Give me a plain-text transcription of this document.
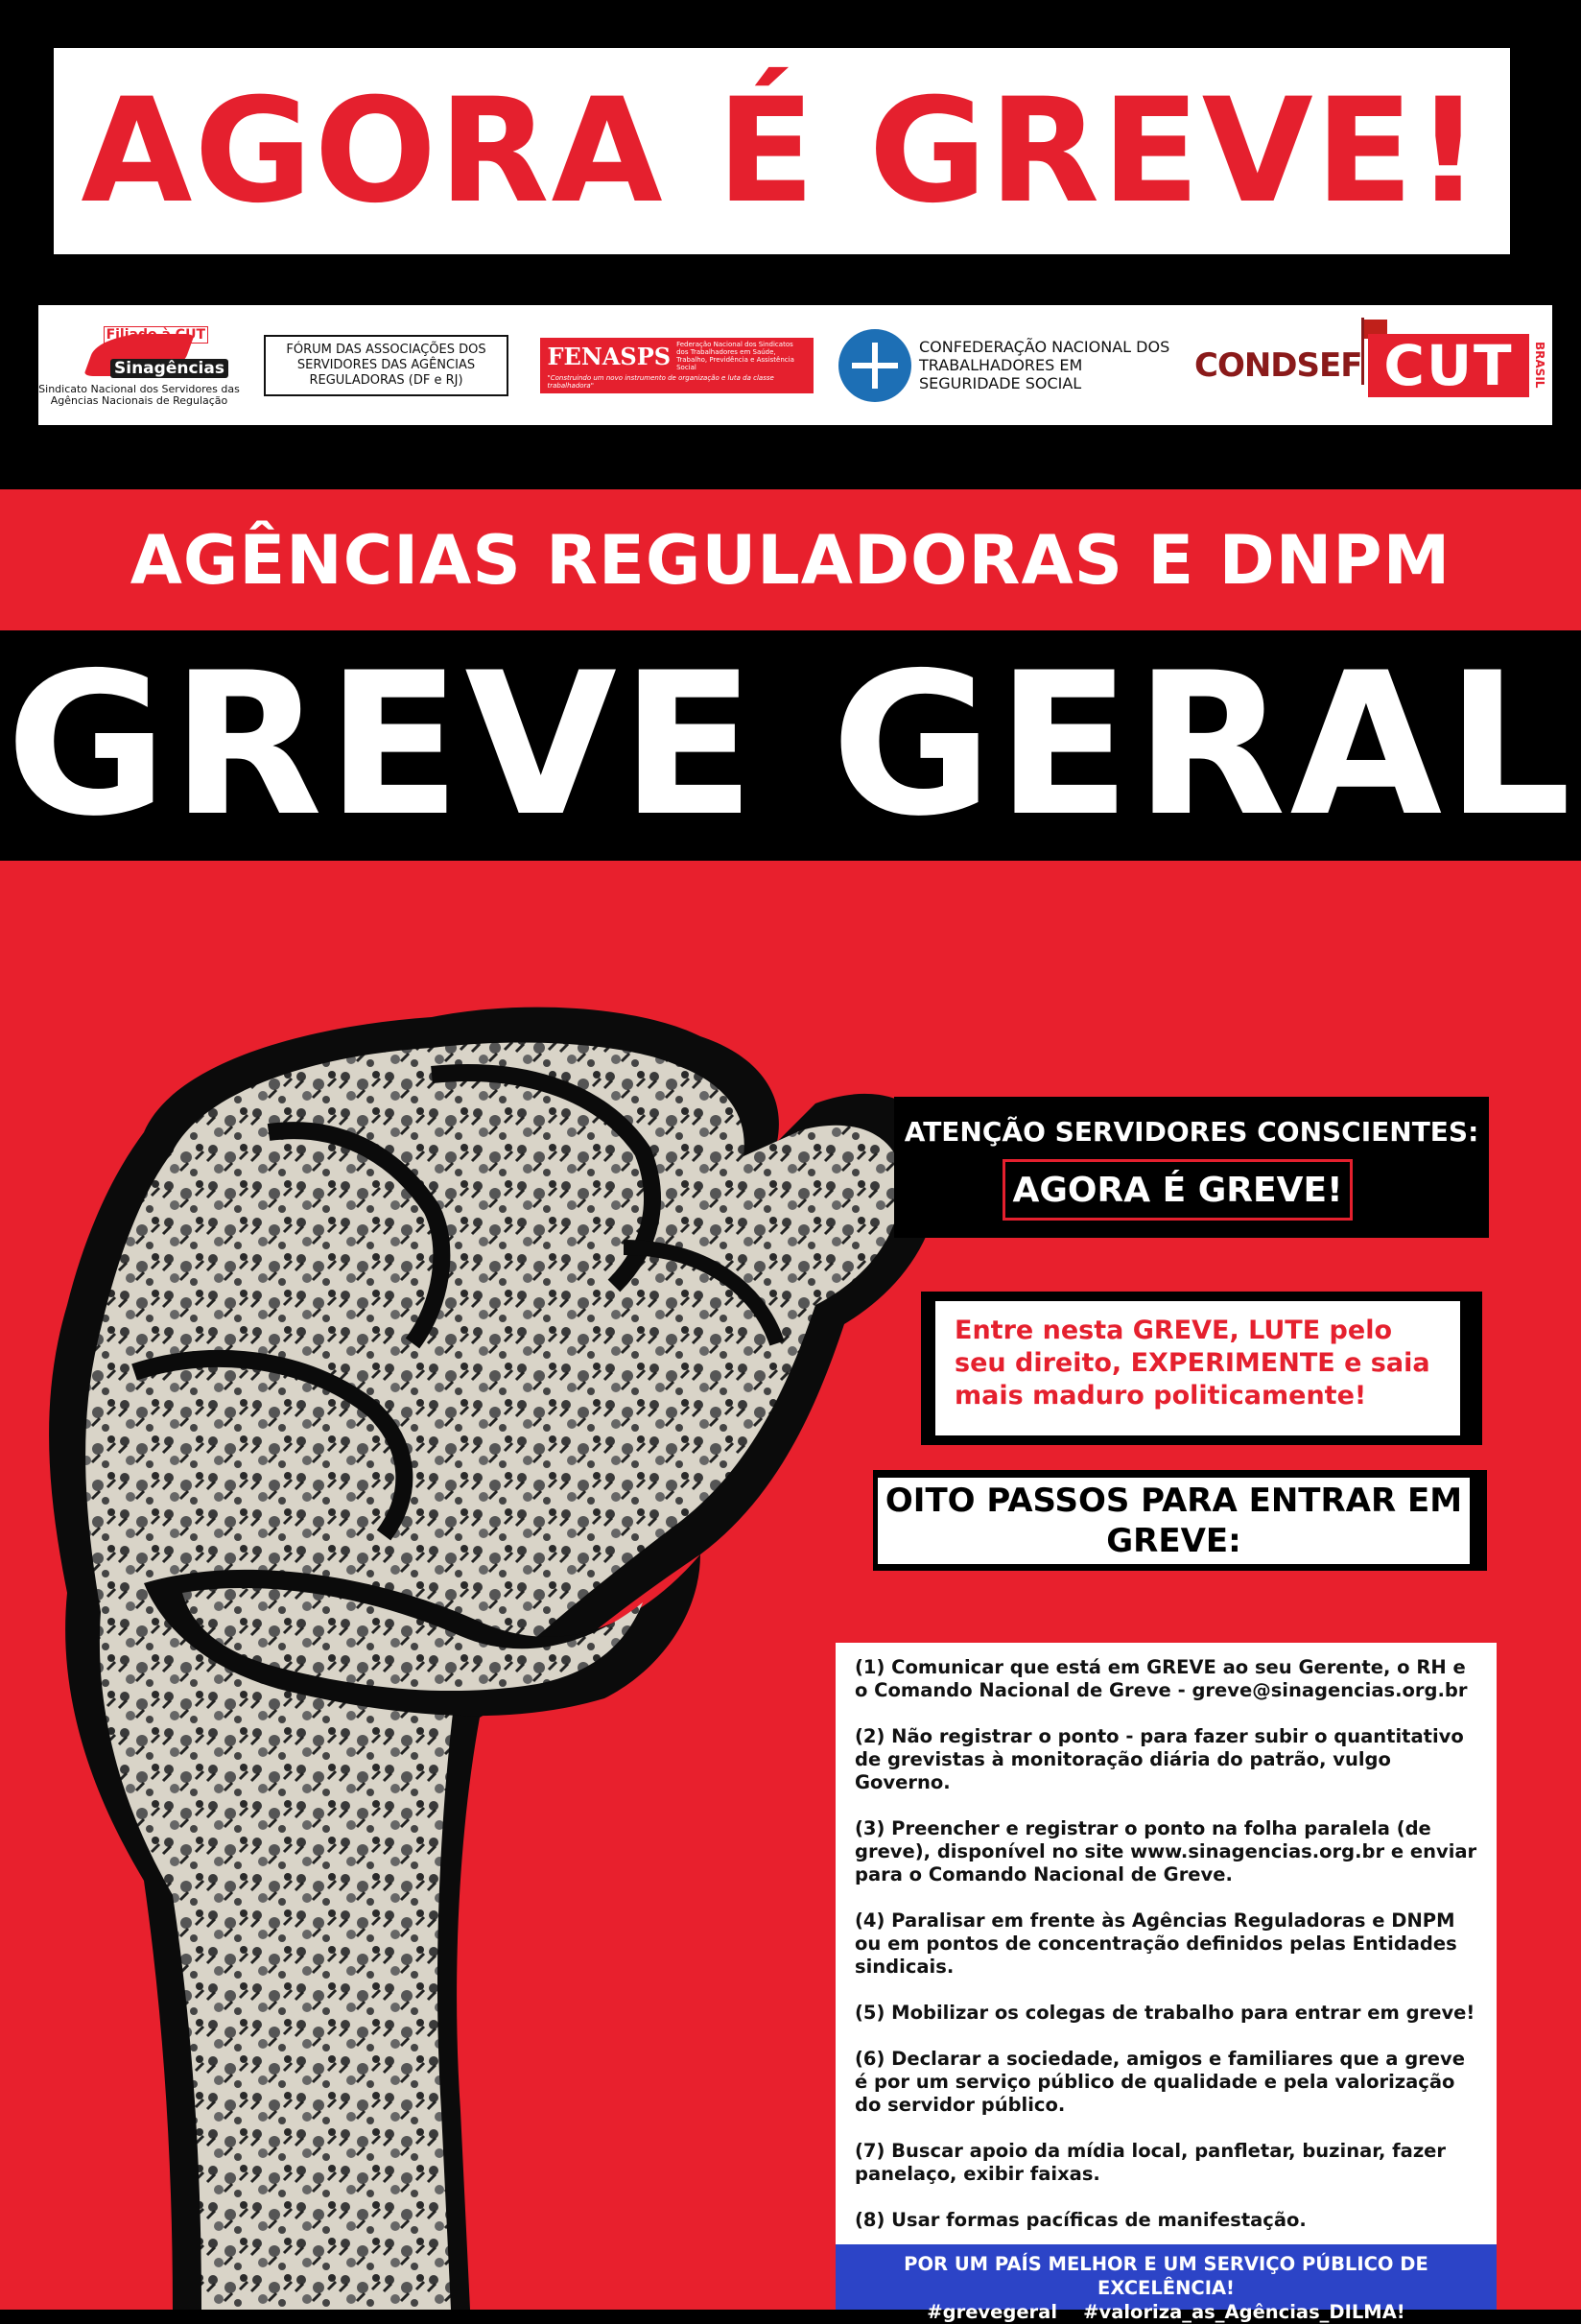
AGORA É GREVE!
Sinagências
Filiado à CUT
Sindicato Nacional dos Servidores das Agências Nacionais de Regulação
FÓRUM DAS ASSOCIAÇÕES DOS SERVIDORES DAS AGÊNCIAS REGULADORAS (DF e RJ)
FENASPS Federação Nacional dos Sindicatos dos Trabalhadores em Saúde, Trabalho, Previdência e Assistência Social
"Construindo um novo instrumento de organização e luta da classe trabalhadora"
CONFEDERAÇÃO NACIONAL DOS TRABALHADORES EM SEGURIDADE SOCIAL	CONDSEF CUT	BRASIL
AGÊNCIAS REGULADORAS E DNPM
GREVE GERAL
ATENÇÃO SERVIDORES CONSCIENTES:
AGORA É GREVE!
Entre nesta GREVE, LUTE pelo seu direito, EXPERIMENTE e saia mais maduro politicamente!
OITO PASSOS PARA ENTRAR EM GREVE:

(1) Comunicar que está em GREVE ao seu Gerente, o RH e o Comando Nacional de Greve - greve@sinagencias.org.br

(2) Não registrar o ponto - para fazer subir o quantitativo de grevistas à monitoração diária do patrão, vulgo Governo.

(3) Preencher e registrar o ponto na folha paralela (de greve), disponível no site www.sinagencias.org.br e enviar para o Comando Nacional de Greve.

(4) Paralisar em frente às Agências Reguladoras e DNPM ou em pontos de concentração definidos pelas Entidades sindicais.

(5) Mobilizar os colegas de trabalho para entrar em greve!

(6) Declarar a sociedade, amigos e familiares que a greve é por um serviço público de qualidade e pela valorização do servidor público.

(7) Buscar apoio da mídia local, panfletar, buzinar, fazer panelaço, exibir faixas.

(8) Usar formas pacíficas de manifestação.

POR UM PAÍS MELHOR E UM SERVIÇO PÚBLICO DE EXCELÊNCIA!
#grevegeral    #valoriza_as_Agências_DILMA!
